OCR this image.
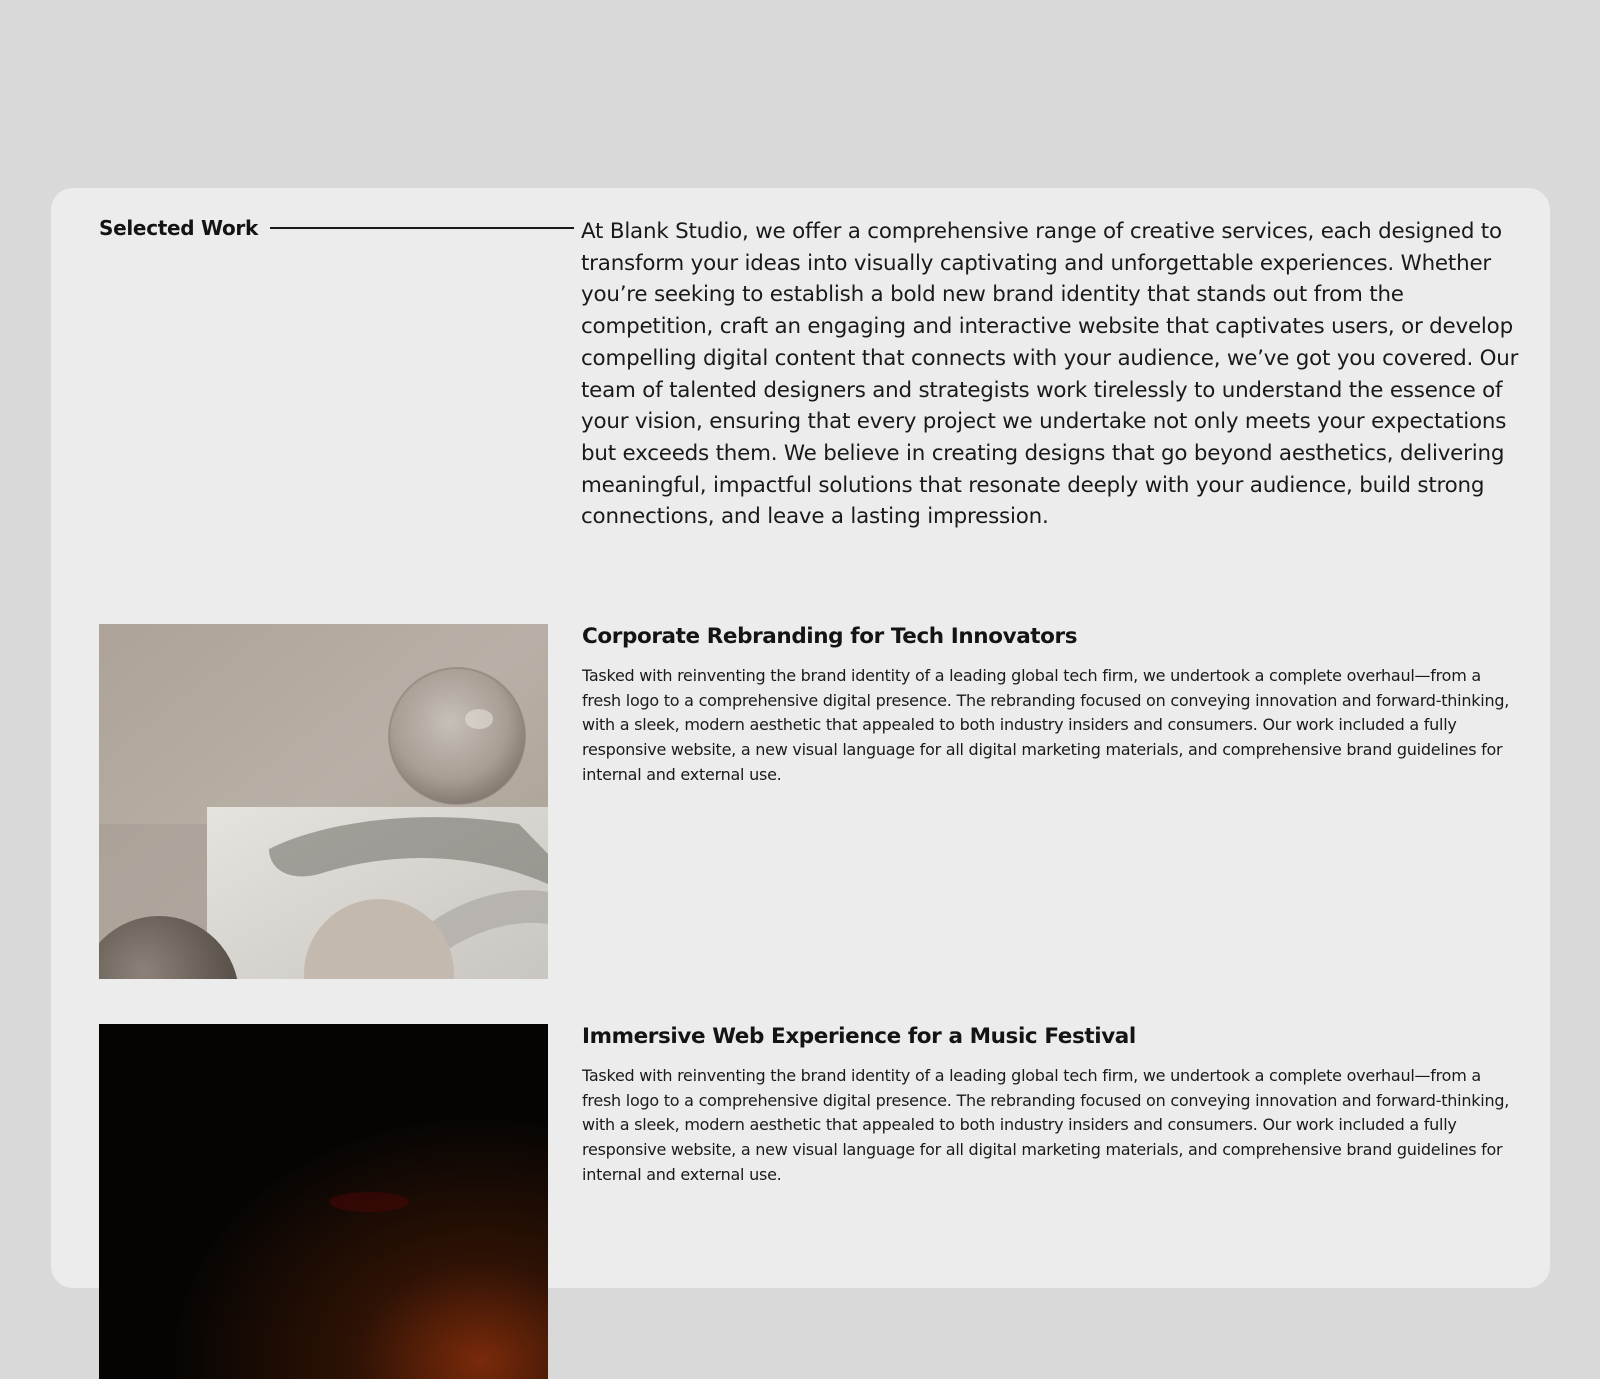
Selected Work	At Blank Studio, we offer a comprehensive range of creative services, each designed to transform your ideas into visually captivating and unforgettable experiences. Whether you’re seeking to establish a bold new brand identity that stands out from the competition, craft an engaging and interactive website that captivates users, or develop compelling digital content that connects with your audience, we’ve got you covered. Our team of talented designers and strategists work tirelessly to understand the essence of your vision, ensuring that every project we undertake not only meets your expectations but exceeds them. We believe in creating designs that go beyond aesthetics, delivering meaningful, impactful solutions that resonate deeply with your audience, build strong connections, and leave a lasting impression.

Corporate Rebranding for Tech Innovators

Tasked with reinventing the brand identity of a leading global tech firm, we undertook a complete overhaul—from a fresh logo to a comprehensive digital presence. The rebranding focused on conveying innovation and forward-thinking, with a sleek, modern aesthetic that appealed to both industry insiders and consumers. Our work included a fully responsive website, a new visual language for all digital marketing materials, and comprehensive brand guidelines for internal and external use.

Immersive Web Experience for a Music Festival

Tasked with reinventing the brand identity of a leading global tech firm, we undertook a complete overhaul—from a fresh logo to a comprehensive digital presence. The rebranding focused on conveying innovation and forward-thinking, with a sleek, modern aesthetic that appealed to both industry insiders and consumers. Our work included a fully responsive website, a new visual language for all digital marketing materials, and comprehensive brand guidelines for internal and external use.
